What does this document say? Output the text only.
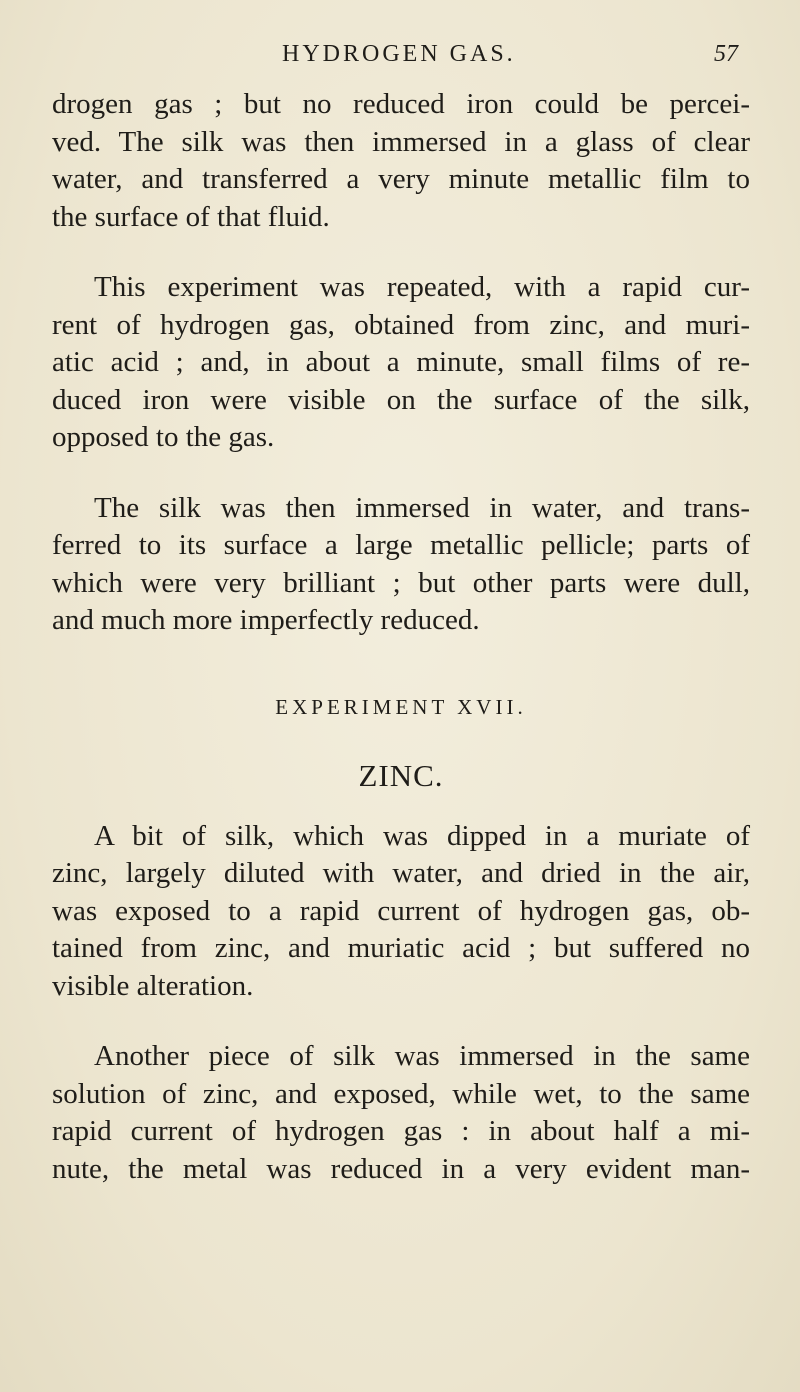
HYDROGEN GAS.	57

drogen gas ; but no reduced iron could be percei-
ved. The silk was then immersed in a glass of clear
water, and transferred a very minute metallic film to
the surface of that fluid.

This experiment was repeated, with a rapid cur-
rent of hydrogen gas, obtained from zinc, and muri-
atic acid ; and, in about a minute, small films of re-
duced iron were visible on the surface of the silk,
opposed to the gas.

The silk was then immersed in water, and trans-
ferred to its surface a large metallic pellicle; parts of
which were very brilliant ; but other parts were dull,
and much more imperfectly reduced.

EXPERIMENT XVII.
ZINC.

A bit of silk, which was dipped in a muriate of
zinc, largely diluted with water, and dried in the air,
was exposed to a rapid current of hydrogen gas, ob-
tained from zinc, and muriatic acid ; but suffered no
visible alteration.

Another piece of silk was immersed in the same
solution of zinc, and exposed, while wet, to the same
rapid current of hydrogen gas : in about half a mi-
nute, the metal was reduced in a very evident man-
